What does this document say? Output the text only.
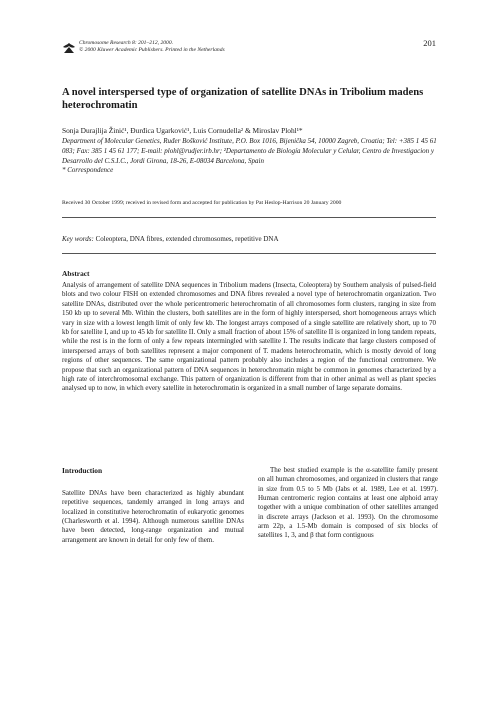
Chromosome Research 8: 201–212, 2000.
© 2000 Kluwer Academic Publishers. Printed in the Netherlands
201
A novel interspersed type of organization of satellite DNAs in Tribolium madens heterochromatin
Sonja Durajlija Žinić¹, Đurđica Ugarković¹, Luis Cornudella² & Miroslav Plohl¹*
Department of Molecular Genetics, Ruđer Bošković Institute, P.O. Box 1016, Bijenička 54, 10000 Zagreb, Croatia; Tel: +385 1 45 61 083; Fax: 385 1 45 61 177; E-mail: plohl@rudjer.irb.hr; ²Departamento de Biología Molecular y Celular, Centro de Investigacion y Desarrollo del C.S.I.C., Jordi Girona, 18-26, E-08034 Barcelona, Spain
* Correspondence
Received 30 October 1999; received in revised form and accepted for publication by Pat Heslop-Harrison 20 January 2000
Key words: Coleoptera, DNA fibres, extended chromosomes, repetitive DNA
Abstract

Analysis of arrangement of satellite DNA sequences in Tribolium madens (Insecta, Coleoptera) by Southern analysis of pulsed-field blots and two colour FISH on extended chromosomes and DNA fibres revealed a novel type of heterochromatin organization. Two satellite DNAs, distributed over the whole pericentromeric heterochromatin of all chromosomes form clusters, ranging in size from 150 kb up to several Mb. Within the clusters, both satellites are in the form of highly interspersed, short homogeneous arrays which vary in size with a lowest length limit of only few kb. The longest arrays composed of a single satellite are relatively short, up to 70 kb for satellite I, and up to 45 kb for satellite II. Only a small fraction of about 15% of satellite II is organized in long tandem repeats, while the rest is in the form of only a few repeats intermingled with satellite I. The results indicate that large clusters composed of interspersed arrays of both satellites represent a major component of T. madens heterochromatin, which is mostly devoid of long regions of other sequences. The same organizational pattern probably also includes a region of the functional centromere. We propose that such an organizational pattern of DNA sequences in heterochromatin might be common in genomes characterized by a high rate of interchromosomal exchange. This pattern of organization is different from that in other animal as well as plant species analysed up to now, in which every satellite in heterochromatin is organized in a small number of large separate domains.

Introduction

Satellite DNAs have been characterized as highly abundant repetitive sequences, tandemly arranged in long arrays and localized in constitutive heterochromatin of eukaryotic genomes (Charlesworth et al. 1994). Although numerous satellite DNAs have been detected, long-range organization and mutual arrangement are known in detail for only few of them.

The best studied example is the α-satellite family present on all human chromosomes, and organized in clusters that range in size from 0.5 to 5 Mb (Jabs et al. 1989, Lee et al. 1997). Human centromeric region contains at least one alphoid array together with a unique combination of other satellites arranged in discrete arrays (Jackson et al. 1993). On the chromosome arm 22p, a 1.5-Mb domain is composed of six blocks of satellites 1, 3, and β that form contiguous
